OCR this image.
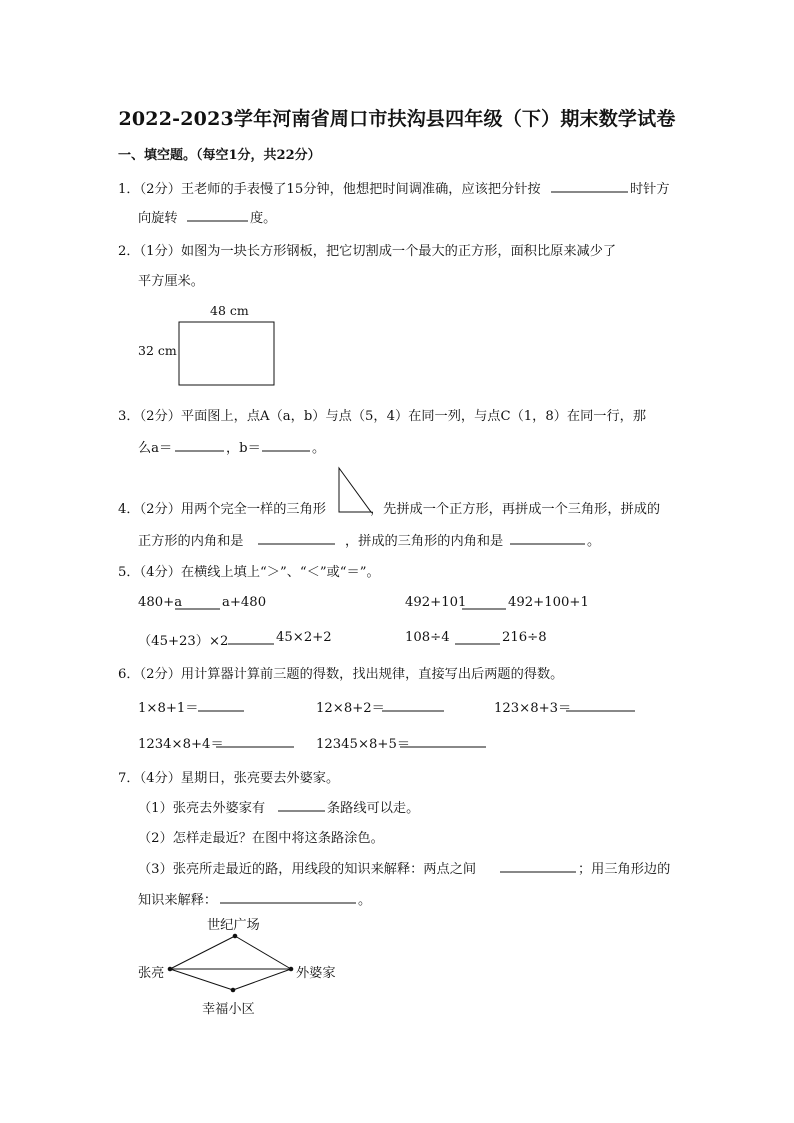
2022-2023学年河南省周口市扶沟县四年级（下）期末数学试卷
一、填空题。（每空1分，共22分）
1．（2分）王老师的手表慢了15分钟，他想把时间调准确，应该把分针按	时针方
向旋转	度。
2．（1分）如图为一块长方形钢板，把它切割成一个最大的正方形，面积比原来减少了
平方厘米。
48 cm
32 cm
3．（2分）平面图上，点A（a，b）与点（5，4）在同一列，与点C（1，8）在同一行，那
么a＝	，b＝	。
4．（2分）用两个完全一样的三角形	，先拼成一个正方形，再拼成一个三角形，拼成的
正方形的内角和是	，拼成的三角形的内角和是	。
5．（4分）在横线上填上“＞”、“＜”或“＝”。
480+a	a+480	492+101	492+100+1
（45+23）×2	45×2+2	108÷4	216÷8
6．（2分）用计算器计算前三题的得数，找出规律，直接写出后两题的得数。
1×8+1＝	12×8+2＝	123×8+3＝
1234×8+4＝	12345×8+5＝
7．（4分）星期日，张亮要去外婆家。
（1）张亮去外婆家有	条路线可以走。
（2）怎样走最近？在图中将这条路涂色。
（3）张亮所走最近的路，用线段的知识来解释：两点之间	；用三角形边的
知识来解释：	。
世纪广场
张亮	外婆家
幸福小区
